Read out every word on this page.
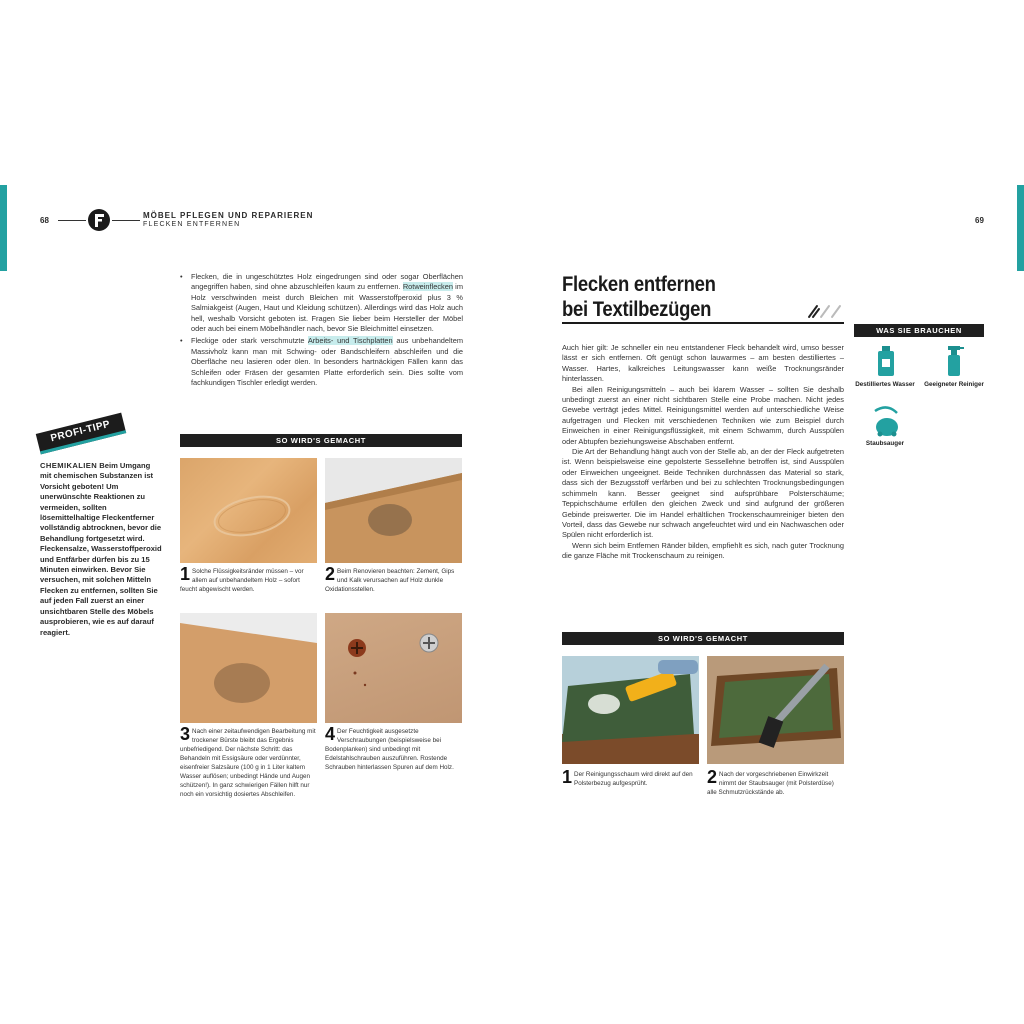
68
MÖBEL PFLEGEN UND REPARIEREN
FLECKEN ENTFERNEN	69

• Flecken, die in ungeschütztes Holz eingedrungen sind oder sogar Oberflächen angegriffen haben, sind ohne abzuschleifen kaum zu entfernen. Rotweinflecken im Holz verschwinden meist durch Bleichen mit Wasserstoffperoxid plus 3 % Salmiakgeist (Augen, Haut und Kleidung schützen). Allerdings wird das Holz auch hell, weshalb Vorsicht geboten ist. Fragen Sie lieber beim Hersteller der Möbel oder auch bei einem Möbelhändler nach, bevor Sie Bleichmittel einsetzen.

• Fleckige oder stark verschmutzte Arbeits- und Tischplatten aus unbehandeltem Massivholz kann man mit Schwing- oder Bandschleifern abschleifen und die Oberfläche neu lasieren oder ölen. In besonders hartnäckigen Fällen kann das Schleifen oder Fräsen der gesamten Platte erforderlich sein. Dies sollte vom fachkundigen Tischler erledigt werden.

SO WIRD'S GEMACHT
1 Solche Flüssigkeitsränder müssen – vor allem auf unbehandeltem Holz – sofort feucht abgewischt werden.
2 Beim Renovieren beachten: Zement, Gips und Kalk verursachen auf Holz dunkle Oxidationsstellen.
3 Nach einer zeitaufwendigen Bearbeitung mit trockener Bürste bleibt das Ergebnis unbefriedigend. Der nächste Schritt: das Behandeln mit Essigsäure oder verdünnter, eisenfreier Salzsäure (100 g in 1 Liter kaltem Wasser auflösen; unbedingt Hände und Augen schützen!). In ganz schwierigen Fällen hilft nur noch ein vorsichtig dosiertes Abschleifen.
4 Der Feuchtigkeit ausgesetzte Verschraubungen (beispielsweise bei Bodenplanken) sind unbedingt mit Edelstahlschrauben auszuführen. Rostende Schrauben hinterlassen Spuren auf dem Holz.
PROFI-TIPP
CHEMIKALIEN Beim Umgang mit chemischen Substanzen ist Vorsicht geboten! Um unerwünschte Reaktionen zu vermeiden, sollten lösemittelhaltige Fleckentferner vollständig abtrocknen, bevor die Behandlung fortgesetzt wird. Fleckensalze, Wasserstoffperoxid und Entfärber dürfen bis zu 15 Minuten einwirken. Bevor Sie versuchen, mit solchen Mitteln Flecken zu entfernen, sollten Sie auf jeden Fall zuerst an einer unsichtbaren Stelle des Möbels ausprobieren, wie es auf darauf reagiert.
Flecken entfernen
bei Textilbezügen

Auch hier gilt: Je schneller ein neu entstandener Fleck behandelt wird, umso besser lässt er sich entfernen. Oft genügt schon lauwarmes – am besten destilliertes – Wasser. Hartes, kalkreiches Leitungswasser kann weiße Trocknungsränder hinterlassen.

Bei allen Reinigungsmitteln – auch bei klarem Wasser – sollten Sie deshalb unbedingt zuerst an einer nicht sichtbaren Stelle eine Probe machen. Nicht jedes Gewebe verträgt jedes Mittel. Reinigungsmittel werden auf unterschiedliche Weise aufgetragen und Flecken mit verschiedenen Techniken wie zum Beispiel durch Einweichen in einer Reinigungsflüssigkeit, mit einem Schwamm, durch Ausspülen oder Abtupfen beziehungsweise Abschaben entfernt.

Die Art der Behandlung hängt auch von der Stelle ab, an der der Fleck aufgetreten ist. Wenn beispielsweise eine gepolsterte Sessellehne betroffen ist, sind Ausspülen oder Einweichen ungeeignet. Beide Techniken durchnässen das Material so stark, dass sich der Bezugsstoff verfärben und bei zu schlechten Trocknungsbedingungen schimmeln kann. Besser geeignet sind aufsprühbare Polsterschäume; Teppichschäume erfüllen den gleichen Zweck und sind aufgrund der größeren Gebinde preiswerter. Die im Handel erhältlichen Trockenschaumreiniger bieten den Vorteil, dass das Gewebe nur schwach angefeuchtet wird und ein Nachwaschen oder Spülen nicht erforderlich ist.

Wenn sich beim Entfernen Ränder bilden, empfiehlt es sich, nach guter Trocknung die ganze Fläche mit Trockenschaum zu reinigen.

WAS SIE BRAUCHEN
Destilliertes Wasser	Geeigneter Reiniger
Staubsauger
SO WIRD'S GEMACHT
1 Der Reinigungsschaum wird direkt auf den Polsterbezug aufgesprüht.	2 Nach der vorgeschriebenen Einwirkzeit nimmt der Staubsauger (mit Polsterdüse) alle Schmutzrückstände ab.
